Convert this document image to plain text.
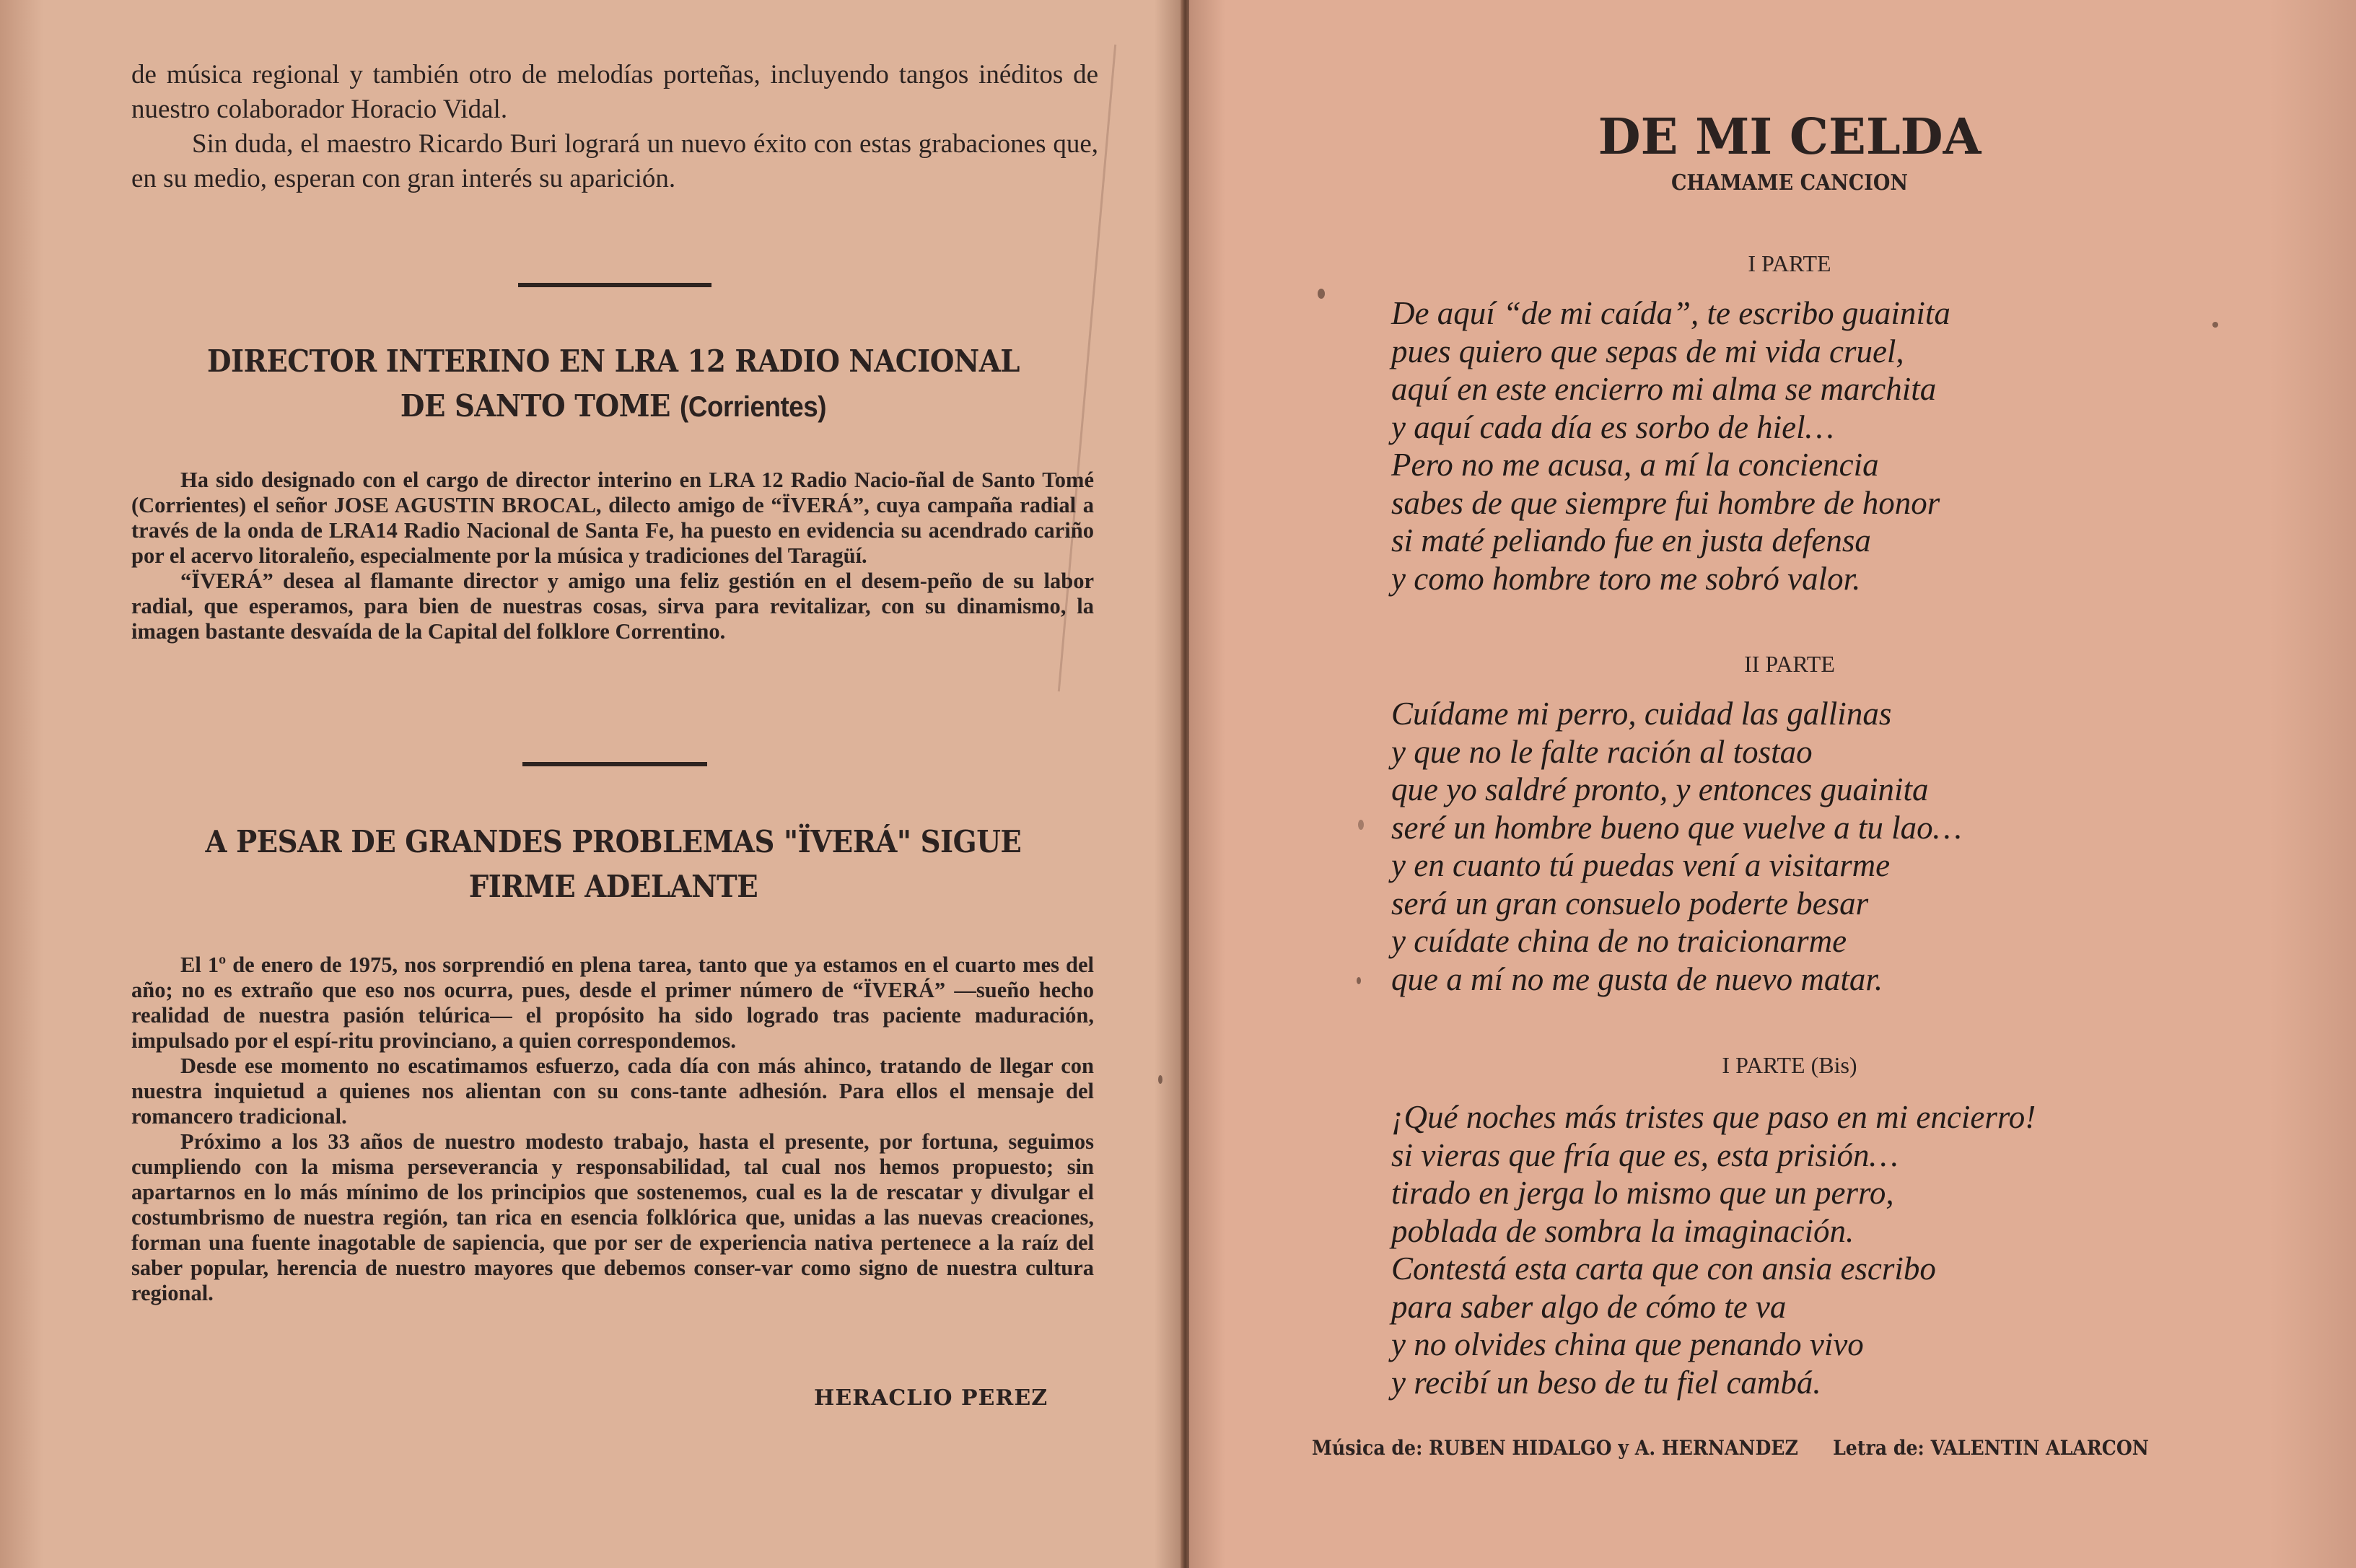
de música regional y también otro de melodías porteñas, incluyendo tangos inéditos de nuestro colaborador Horacio Vidal.

Sin duda, el maestro Ricardo Buri logrará un nuevo éxito con estas grabaciones que, en su medio, esperan con gran interés su aparición.

DIRECTOR INTERINO EN LRA 12 RADIO NACIONAL
DE SANTO TOME (Corrientes)

Ha sido designado con el cargo de director interino en LRA 12 Radio Nacio-ñal de Santo Tomé (Corrientes) el señor JOSE AGUSTIN BROCAL, dilecto amigo de “ÏVERÁ”, cuya campaña radial a través de la onda de LRA14 Radio Nacional de Santa Fe, ha puesto en evidencia su acendrado cariño por el acervo litoraleño, especialmente por la música y tradiciones del Taragüí.

“ÏVERÁ” desea al flamante director y amigo una feliz gestión en el desem-peño de su labor radial, que esperamos, para bien de nuestras cosas, sirva para revitalizar, con su dinamismo, la imagen bastante desvaída de la Capital del folklore Correntino.

A PESAR DE GRANDES PROBLEMAS "ÏVERÁ" SIGUE
FIRME ADELANTE

El 1º de enero de 1975, nos sorprendió en plena tarea, tanto que ya estamos en el cuarto mes del año; no es extraño que eso nos ocurra, pues, desde el primer número de “ÏVERÁ” —sueño hecho realidad de nuestra pasión telúrica— el propósito ha sido logrado tras paciente maduración, impulsado por el espí-ritu provinciano, a quien correspondemos.

Desde ese momento no escatimamos esfuerzo, cada día con más ahinco, tratando de llegar con nuestra inquietud a quienes nos alientan con su cons-tante adhesión. Para ellos el mensaje del romancero tradicional.

Próximo a los 33 años de nuestro modesto trabajo, hasta el presente, por fortuna, seguimos cumpliendo con la misma perseverancia y responsabilidad, tal cual nos hemos propuesto; sin apartarnos en lo más mínimo de los principios que sostenemos, cual es la de rescatar y divulgar el costumbrismo de nuestra región, tan rica en esencia folklórica que, unidas a las nuevas creaciones, forman una fuente inagotable de sapiencia, que por ser de experiencia nativa pertenece a la raíz del saber popular, herencia de nuestro mayores que debemos conser-var como signo de nuestra cultura regional.

HERACLIO PEREZ
DE MI CELDA
CHAMAME CANCION
I PARTE
De aquí “de mi caída”, te escribo guainita
pues quiero que sepas de mi vida cruel,
aquí en este encierro mi alma se marchita
y aquí cada día es sorbo de hiel…
Pero no me acusa, a mí la conciencia
sabes de que siempre fui hombre de honor
si maté peliando fue en justa defensa
y como hombre toro me sobró valor.
II PARTE
Cuídame mi perro, cuidad las gallinas
y que no le falte ración al tostao
que yo saldré pronto, y entonces guainita
seré un hombre bueno que vuelve a tu lao…
y en cuanto tú puedas vení a visitarme
será un gran consuelo poderte besar
y cuídate china de no traicionarme
que a mí no me gusta de nuevo matar.
I PARTE (Bis)
¡Qué noches más tristes que paso en mi encierro!
si vieras que fría que es, esta prisión…
tirado en jerga lo mismo que un perro,
poblada de sombra la imaginación.
Contestá esta carta que con ansia escribo
para saber algo de cómo te va
y no olvides china que penando vivo
y recibí un beso de tu fiel cambá.
Música de: RUBEN HIDALGO y A. HERNANDEZ Letra de: VALENTIN ALARCON
